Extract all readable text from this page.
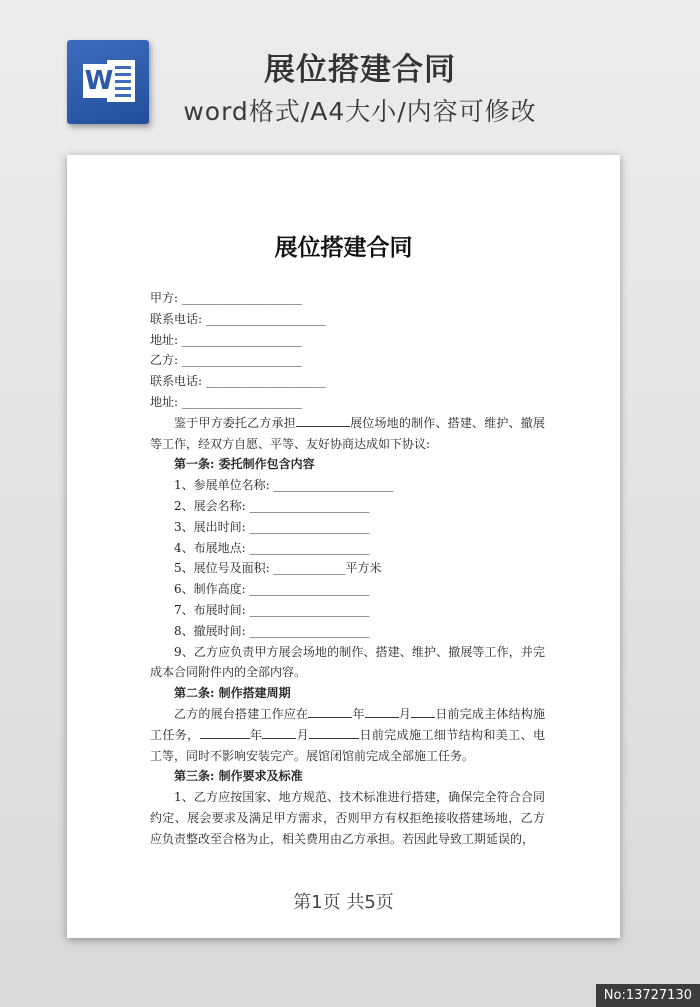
W	展位搭建合同
word格式/A4大小/内容可修改
展位搭建合同
甲方: ____________________
联系电话: ____________________
地址: ____________________
乙方: ____________________
联系电话: ____________________
地址: ____________________
鉴于甲方委托乙方承担	展位场地的制作、搭建、维护、撤展等工作，经双方自愿、平等、友好协商达成如下协议:
第一条: 委托制作包含内容
1、参展单位名称: ____________________
2、展会名称: ____________________
3、展出时间: ____________________
4、布展地点: ____________________
5、展位号及面积: ____________平方米
6、制作高度: ____________________
7、布展时间: ____________________
8、撤展时间: ____________________
9、乙方应负责甲方展会场地的制作、搭建、维护、撤展等工作，并完成本合同附件内的全部内容。
第二条: 制作搭建周期
乙方的展台搭建工作应在	年	月 日前完成主体结构施工任务，	年	月	日前完成施工细节结构和美工、电工等，同时不影响安装完产。展馆闭馆前完成全部施工任务。
第三条: 制作要求及标准
1、乙方应按国家、地方规范、技术标准进行搭建，确保完全符合合同约定、展会要求及满足甲方需求，否则甲方有权拒绝接收搭建场地，乙方应负责整改至合格为止，相关费用由乙方承担。若因此导致工期延误的，
第1页 共5页
No:13727130
